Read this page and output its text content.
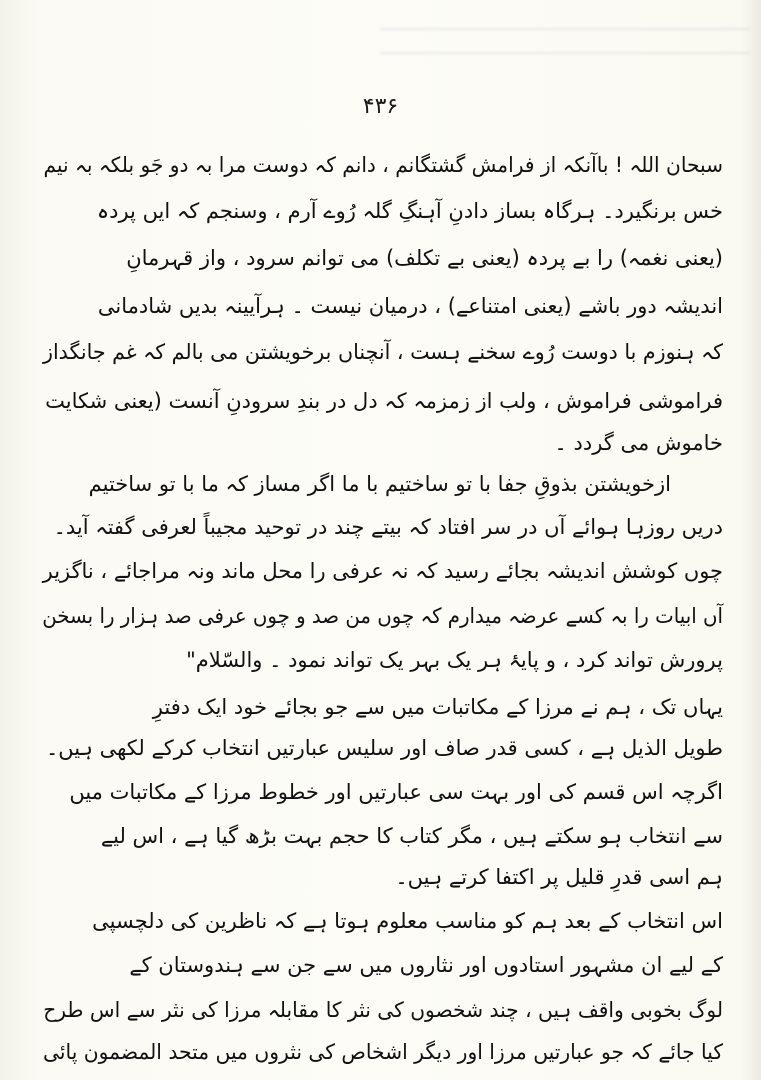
۴۳۶
سبحان اللہ ! باآنکہ از فرامش گشتگانم ، دانم کہ دوست مرا بہ دو جَو بلکہ بہ نیم
خس برنگیرد۔ ہرگاہ بساز دادنِ آہنگِ گلہ رُوے آرم ، وسنجم کہ ایں پردہ
(یعنی نغمہ) را بے پردہ (یعنی بے تکلف) می توانم سرود ، واز قہرمانِ
اندیشہ دور باشے (یعنی امتناعے) ، درمیان نیست ۔ ہرآیینہ بدیں شادمانی
کہ ہنوزم با دوست رُوے سخنے ہست ، آنچناں برخویشتن می بالم کہ غم جانگداز
فراموشی فراموش ، ولب از زمزمہ کہ دل در بندِ سرودنِ آنست (یعنی شکایت
خاموش می گردد ۔
ازخویشتن بذوقِ جفا با تو ساختیم با ما اگر مساز کہ ما با تو ساختیم
دریں روزہا ہوائے آں در سر افتاد کہ بیتے چند در توحید مجیباً لعرفی گفتہ آید۔
چوں کوشش اندیشہ بجائے رسید کہ نہ عرفی را محل ماند ونہ مراجائے ، ناگزیر
آں ابیات را بہ کسے عرضہ میدارم کہ چوں من صد و چوں عرفی صد ہزار را بسخن
پرورش تواند کرد ، و پایۂ ہر یک بہر یک تواند نمود ۔ والسّلام"
یہاں تک ، ہم نے مرزا کے مکاتبات میں سے جو بجائے خود ایک دفترِ
طویل الذیل ہے ، کسی قدر صاف اور سلیس عبارتیں انتخاب کرکے لکھی ہیں۔
اگرچہ اس قسم کی اور بہت سی عبارتیں اور خطوط مرزا کے مکاتبات میں
سے انتخاب ہو سکتے ہیں ، مگر کتاب کا حجم بہت بڑھ گیا ہے ، اس لیے
ہم اسی قدرِ قلیل پر اکتفا کرتے ہیں۔
اس انتخاب کے بعد ہم کو مناسب معلوم ہوتا ہے کہ ناظرین کی دلچسپی
کے لیے ان مشہور استادوں اور نثاروں میں سے جن سے ہندوستان کے
لوگ بخوبی واقف ہیں ، چند شخصوں کی نثر کا مقابلہ مرزا کی نثر سے اس طرح
کیا جائے کہ جو عبارتیں مرزا اور دیگر اشخاص کی نثروں میں متحد المضمون پائی
